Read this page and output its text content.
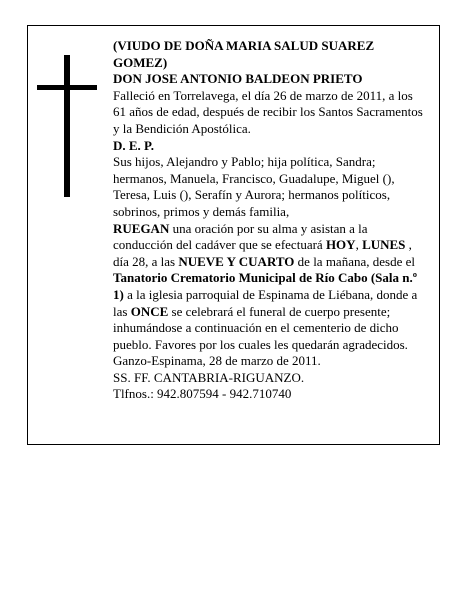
(VIUDO DE DOÑA MARIA SALUD SUAREZ GOMEZ)

DON JOSE ANTONIO BALDEON PRIETO

Falleció en Torrelavega, el día 26 de marzo de 2011, a los 61 años de edad, después de recibir los Santos Sacramentos y la Bendición Apostólica.

D. E. P.

Sus hijos, Alejandro y Pablo; hija política, Sandra; hermanos, Manuela, Francisco, Guadalupe, Miguel (), Teresa, Luis (), Serafín y Aurora; hermanos políticos, sobrinos, primos y demás familia,

RUEGAN una oración por su alma y asistan a la conducción del cadáver que se efectuará HOY, LUNES , día 28, a las NUEVE Y CUARTO de la mañana, desde el Tanatorio Crematorio Municipal de Río Cabo (Sala n.º 1) a la iglesia parroquial de Espinama de Liébana, donde a las ONCE se celebrará el funeral de cuerpo presente; inhumándose a continuación en el cementerio de dicho pueblo. Favores por los cuales les quedarán agradecidos.

Ganzo-Espinama, 28 de marzo de 2011.

SS. FF. CANTABRIA-RIGUANZO.

Tlfnos.: 942.807594 - 942.710740
